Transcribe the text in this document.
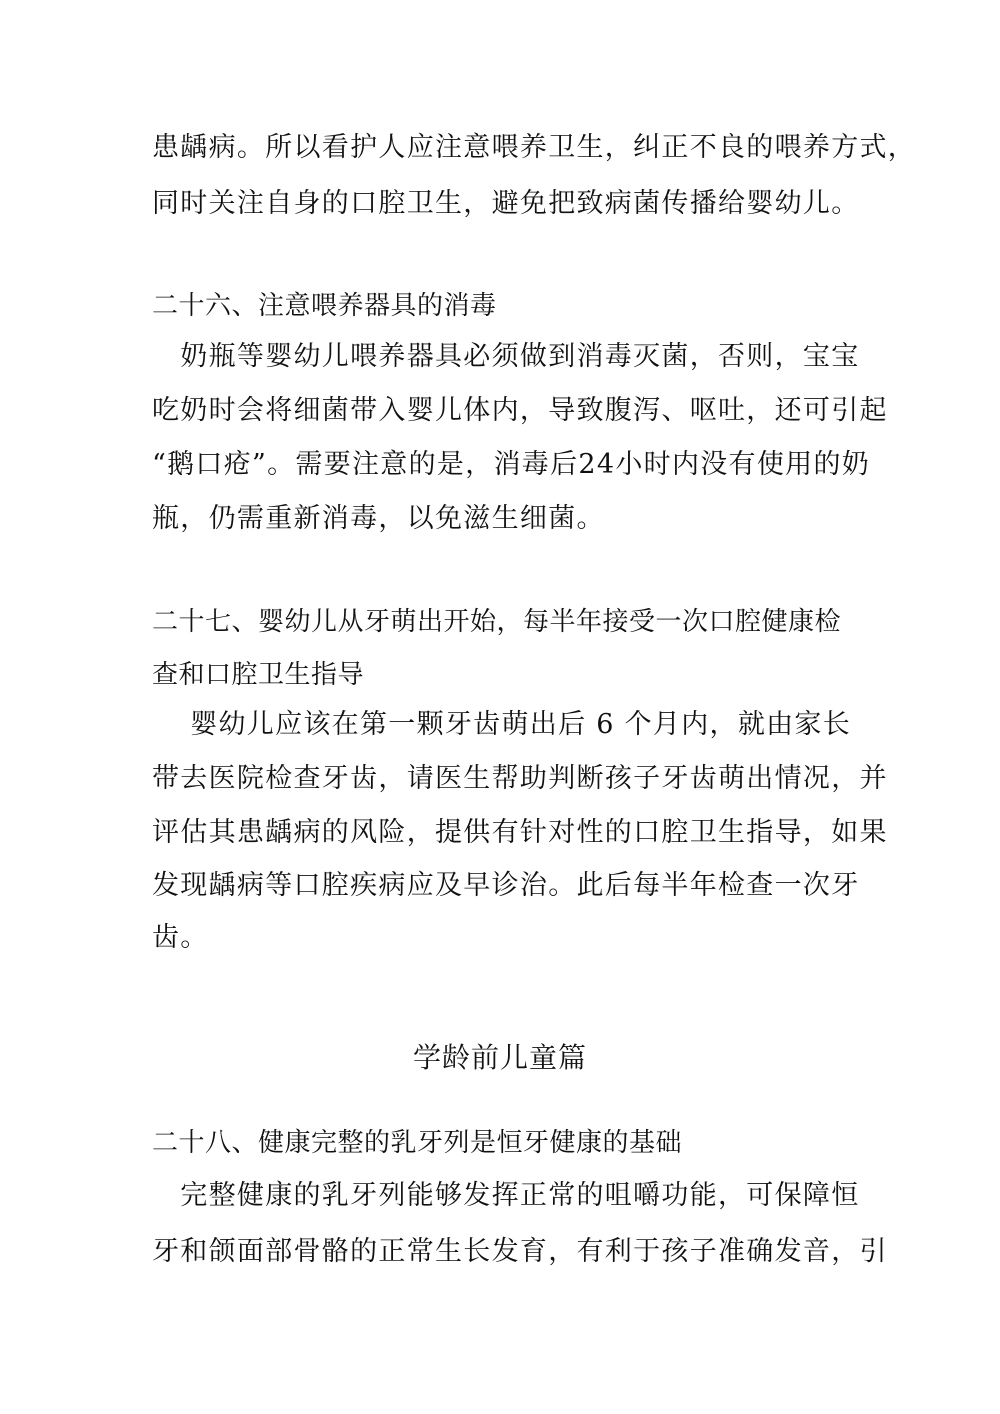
患龋病。所以看护人应注意喂养卫生，纠正不良的喂养方式，
同时关注自身的口腔卫生，避免把致病菌传播给婴幼儿。
二十六、注意喂养器具的消毒
　奶瓶等婴幼儿喂养器具必须做到消毒灭菌，否则，宝宝
吃奶时会将细菌带入婴儿体内，导致腹泻、呕吐，还可引起
“鹅口疮”。需要注意的是，消毒后24小时内没有使用的奶
瓶，仍需重新消毒，以免滋生细菌。
二十七、婴幼儿从牙萌出开始，每半年接受一次口腔健康检
查和口腔卫生指导
　 婴幼儿应该在第一颗牙齿萌出后 6 个月内，就由家长
带去医院检查牙齿，请医生帮助判断孩子牙齿萌出情况，并
评估其患龋病的风险，提供有针对性的口腔卫生指导，如果
发现龋病等口腔疾病应及早诊治。此后每半年检查一次牙
齿。
学龄前儿童篇
二十八、健康完整的乳牙列是恒牙健康的基础
　完整健康的乳牙列能够发挥正常的咀嚼功能，可保障恒
牙和颌面部骨骼的正常生长发育，有利于孩子准确发音，引
